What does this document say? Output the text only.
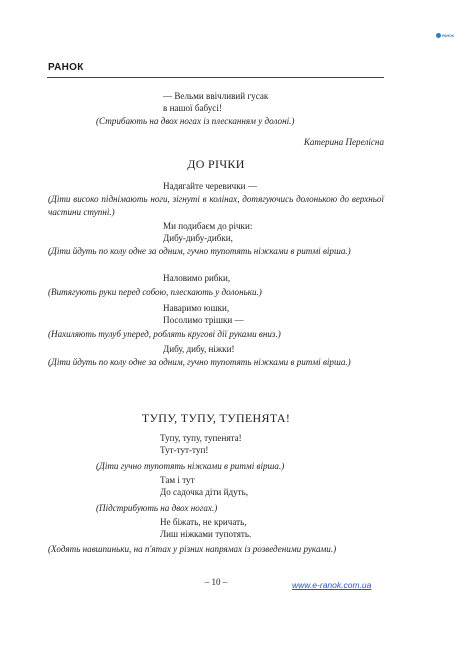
РАНОК
РАНОК
— Вельми ввічливий гусак
в нашої бабусі!
(Стрибають на двох ногах із плесканням у долоні.)
Катерина Перелісна
ДО РІЧКИ
Надягайте черевички —
(Діти високо піднімають ноги, зігнуті в колінах, дотягуючись долонькою до верхньої частини ступні.)
Ми подибаєм до річки:
Дибу-дибу-дибки,
(Діти йдуть по колу одне за одним, гучно тупотять ніжками в ритмі вірша.)
Наловимо рибки,
(Витягують руки перед собою, плескають у долоньки.)
Наваримо юшки,
Посолимо трішки —
(Нахиляють тулуб уперед, роблять кругові дії руками вниз.)
Дибу, дибу, ніжки!
(Діти йдуть по колу одне за одним, гучно тупотять ніжками в ритмі вірша.)
ТУПУ, ТУПУ, ТУПЕНЯТА!
Тупу, тупу, тупенята!
Тут-тут-туп!
(Діти гучно тупотять ніжками в ритмі вірша.)
Там і тут
До садочка діти йдуть,
(Підстрибують на двох ногах.)
Не біжать, не кричать,
Лиш ніжками тупотять.
(Ходять навшпиньки, на п'ятах у різних напрямах із розведеними руками.)
– 10 –	www.e-ranok.com.ua
